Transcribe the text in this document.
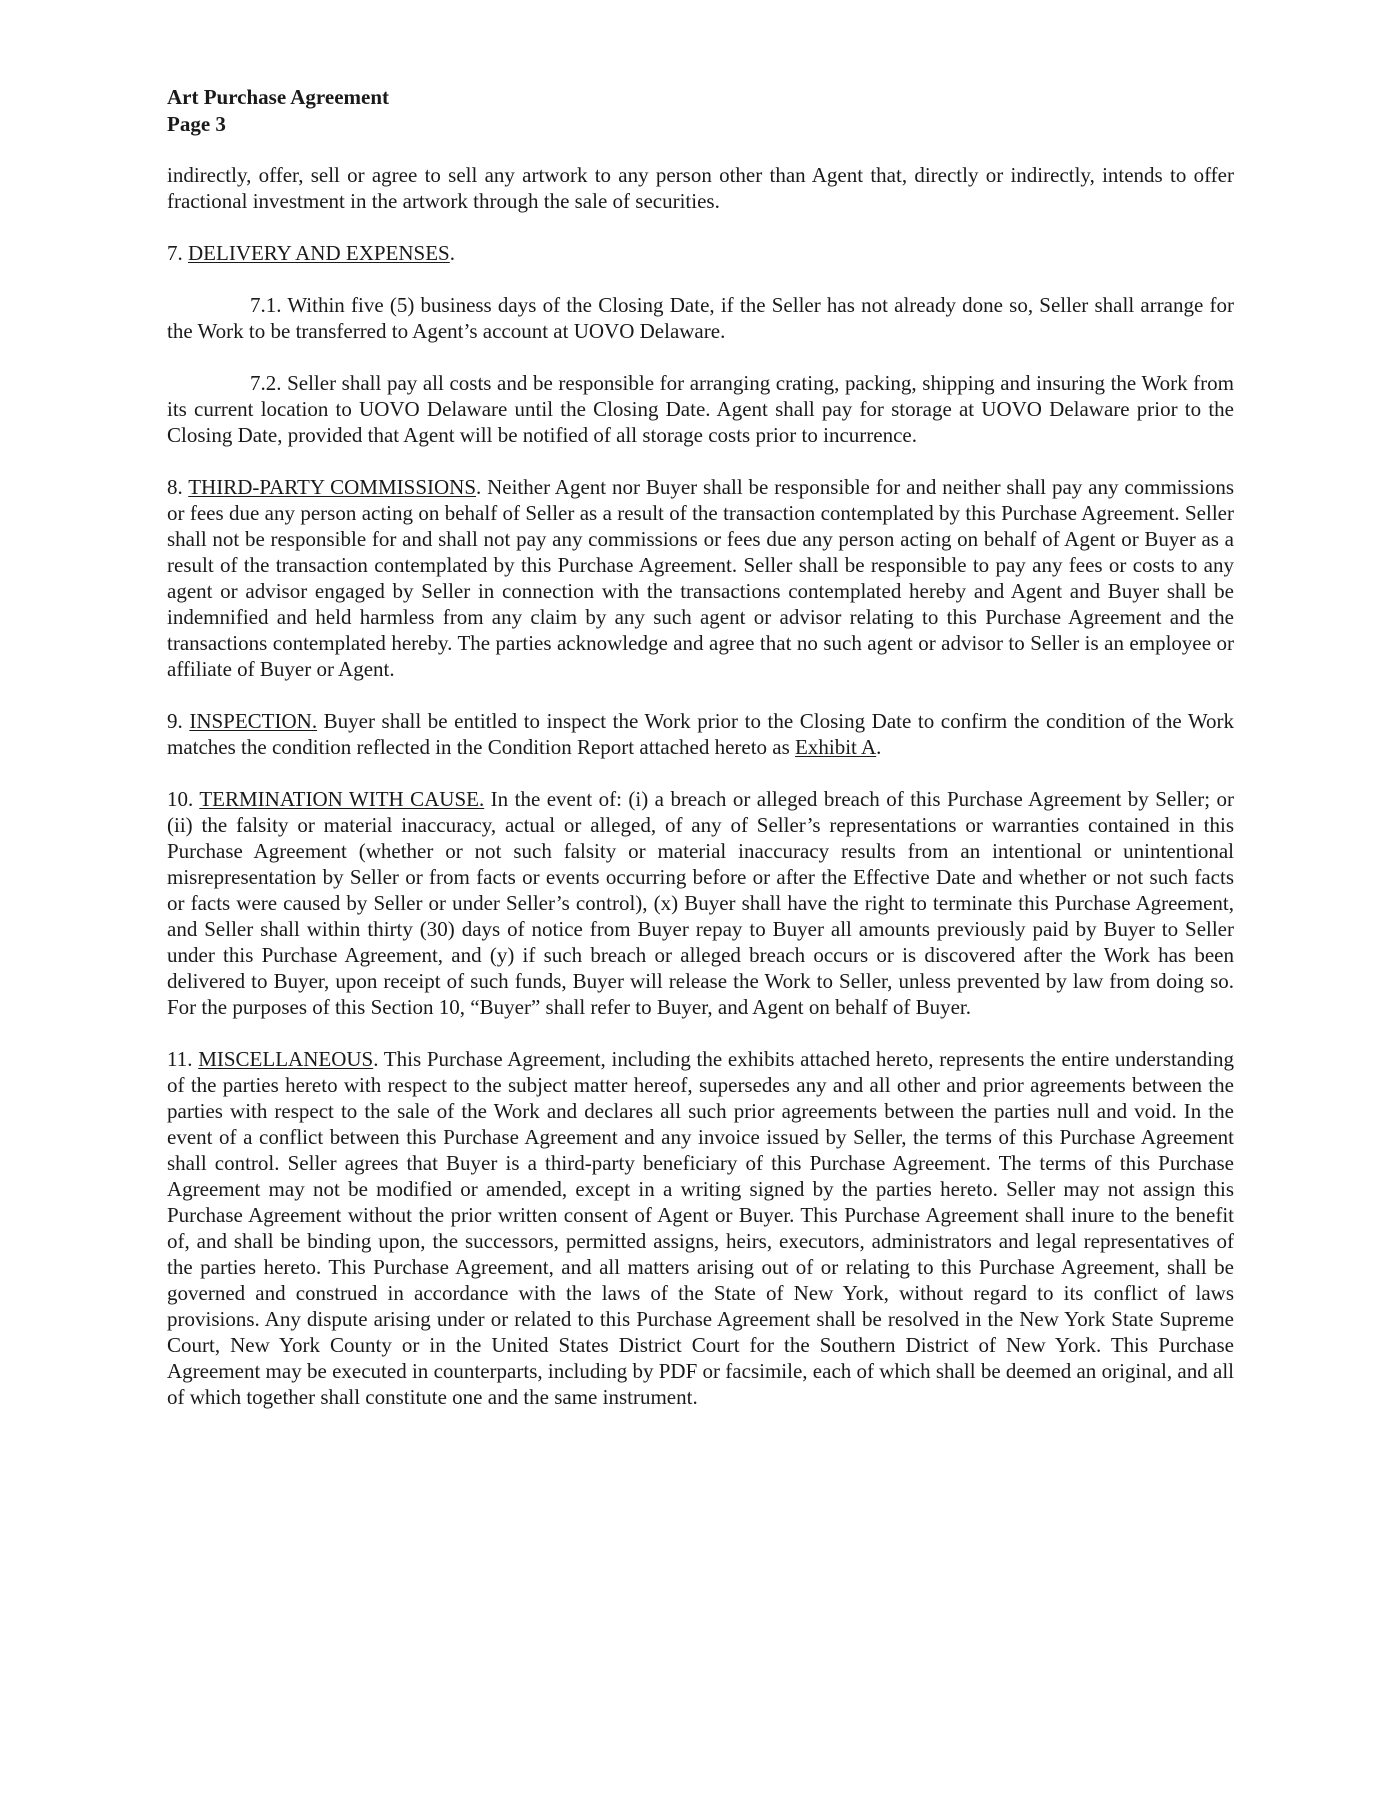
Art Purchase Agreement
Page 3

indirectly, offer, sell or agree to sell any artwork to any person other than Agent that, directly or indirectly, intends to offer fractional investment in the artwork through the sale of securities.

7. DELIVERY AND EXPENSES.

7.1. Within five (5) business days of the Closing Date, if the Seller has not already done so, Seller shall arrange for the Work to be transferred to Agent’s account at UOVO Delaware.

7.2. Seller shall pay all costs and be responsible for arranging crating, packing, shipping and insuring the Work from its current location to UOVO Delaware until the Closing Date. Agent shall pay for storage at UOVO Delaware prior to the Closing Date, provided that Agent will be notified of all storage costs prior to incurrence.

8. THIRD-PARTY COMMISSIONS. Neither Agent nor Buyer shall be responsible for and neither shall pay any commissions or fees due any person acting on behalf of Seller as a result of the transaction contemplated by this Purchase Agreement. Seller shall not be responsible for and shall not pay any commissions or fees due any person acting on behalf of Agent or Buyer as a result of the transaction contemplated by this Purchase Agreement. Seller shall be responsible to pay any fees or costs to any agent or advisor engaged by Seller in connection with the transactions contemplated hereby and Agent and Buyer shall be indemnified and held harmless from any claim by any such agent or advisor relating to this Purchase Agreement and the transactions contemplated hereby. The parties acknowledge and agree that no such agent or advisor to Seller is an employee or affiliate of Buyer or Agent.

9. INSPECTION. Buyer shall be entitled to inspect the Work prior to the Closing Date to confirm the condition of the Work matches the condition reflected in the Condition Report attached hereto as Exhibit A.

10. TERMINATION WITH CAUSE. In the event of: (i) a breach or alleged breach of this Purchase Agreement by Seller; or (ii) the falsity or material inaccuracy, actual or alleged, of any of Seller’s representations or warranties contained in this Purchase Agreement (whether or not such falsity or material inaccuracy results from an intentional or unintentional misrepresentation by Seller or from facts or events occurring before or after the Effective Date and whether or not such facts or facts were caused by Seller or under Seller’s control), (x) Buyer shall have the right to terminate this Purchase Agreement, and Seller shall within thirty (30) days of notice from Buyer repay to Buyer all amounts previously paid by Buyer to Seller under this Purchase Agreement, and (y) if such breach or alleged breach occurs or is discovered after the Work has been delivered to Buyer, upon receipt of such funds, Buyer will release the Work to Seller, unless prevented by law from doing so. For the purposes of this Section 10, “Buyer” shall refer to Buyer, and Agent on behalf of Buyer.

11. MISCELLANEOUS. This Purchase Agreement, including the exhibits attached hereto, represents the entire understanding of the parties hereto with respect to the subject matter hereof, supersedes any and all other and prior agreements between the parties with respect to the sale of the Work and declares all such prior agreements between the parties null and void. In the event of a conflict between this Purchase Agreement and any invoice issued by Seller, the terms of this Purchase Agreement shall control. Seller agrees that Buyer is a third-party beneficiary of this Purchase Agreement. The terms of this Purchase Agreement may not be modified or amended, except in a writing signed by the parties hereto. Seller may not assign this Purchase Agreement without the prior written consent of Agent or Buyer. This Purchase Agreement shall inure to the benefit of, and shall be binding upon, the successors, permitted assigns, heirs, executors, administrators and legal representatives of the parties hereto. This Purchase Agreement, and all matters arising out of or relating to this Purchase Agreement, shall be governed and construed in accordance with the laws of the State of New York, without regard to its conflict of laws provisions. Any dispute arising under or related to this Purchase Agreement shall be resolved in the New York State Supreme Court, New York County or in the United States District Court for the Southern District of New York. This Purchase Agreement may be executed in counterparts, including by PDF or facsimile, each of which shall be deemed an original, and all of which together shall constitute one and the same instrument.
